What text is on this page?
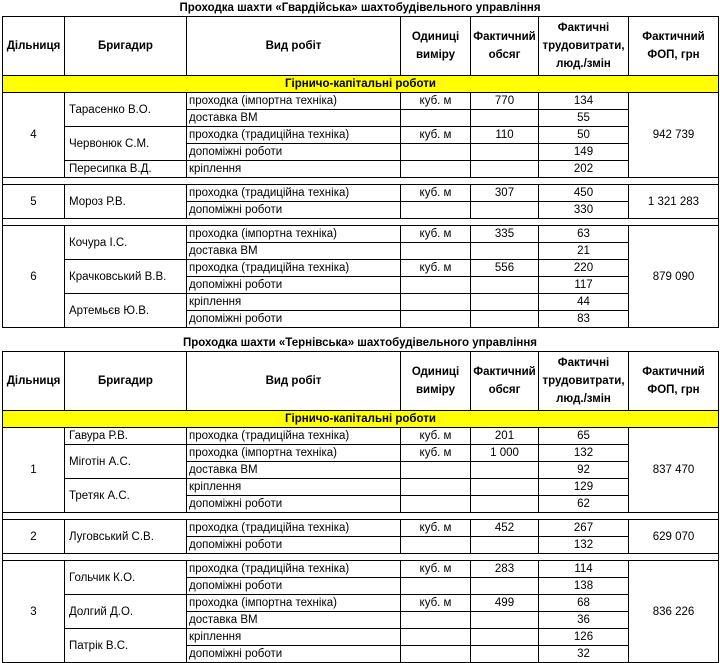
Проходка шахти «Гвардійська» шахтобудівельного управління
Дільниця	Бригадир	Вид робіт	Одиниці виміру	Фактичний обсяг	Фактичні трудовитрати, люд./змін	Фактичний ФОП, грн
Гірничо-капітальні роботи						
4	Тарасенко В.О.	проходка (імпортна техніка)	куб. м	770	134	942 739
		доставка ВМ			55	
	Червонюк С.М.	проходка (традиційна техніка)	куб. м	110	50	
		допоміжні роботи			149	
	Пересипка В.Д.	кріплення			202	

5	Мороз Р.В.	проходка (традиційна техніка)	куб. м	307	450	1 321 283
		допоміжні роботи			330	

6	Кочура І.С.	проходка (імпортна техніка)	куб. м	335	63	879 090
		доставка ВМ			21	
	Крачковський В.В.	проходка (традиційна техніка)	куб. м	556	220	
		допоміжні роботи			117	
	Артемьєв Ю.В.	кріплення			44	
		допоміжні роботи			83	
Проходка шахти «Тернівська» шахтобудівельного управління
Дільниця	Бригадир	Вид робіт	Одиниці виміру	Фактичний обсяг	Фактичні трудовитрати, люд./змін	Фактичний ФОП, грн
Гірничо-капітальні роботи						
1	Гавура Р.В.	проходка (традиційна техніка)	куб. м	201	65	837 470
	Міготін А.С.	проходка (імпортна техніка)	куб. м	1 000	132	
		доставка ВМ			92	
	Третяк А.С.	кріплення			129	
		допоміжні роботи			62	

2	Луговський С.В.	проходка (традиційна техніка)	куб. м	452	267	629 070
		допоміжні роботи			132	

3	Гольчик К.О.	проходка (традиційна техніка)	куб. м	283	114	836 226
		допоміжні роботи			138	
	Долгий Д.О.	проходка (імпортна техніка)	куб. м	499	68	
		доставка ВМ			36	
	Патрік В.С.	кріплення			126	
		допоміжні роботи			32	
